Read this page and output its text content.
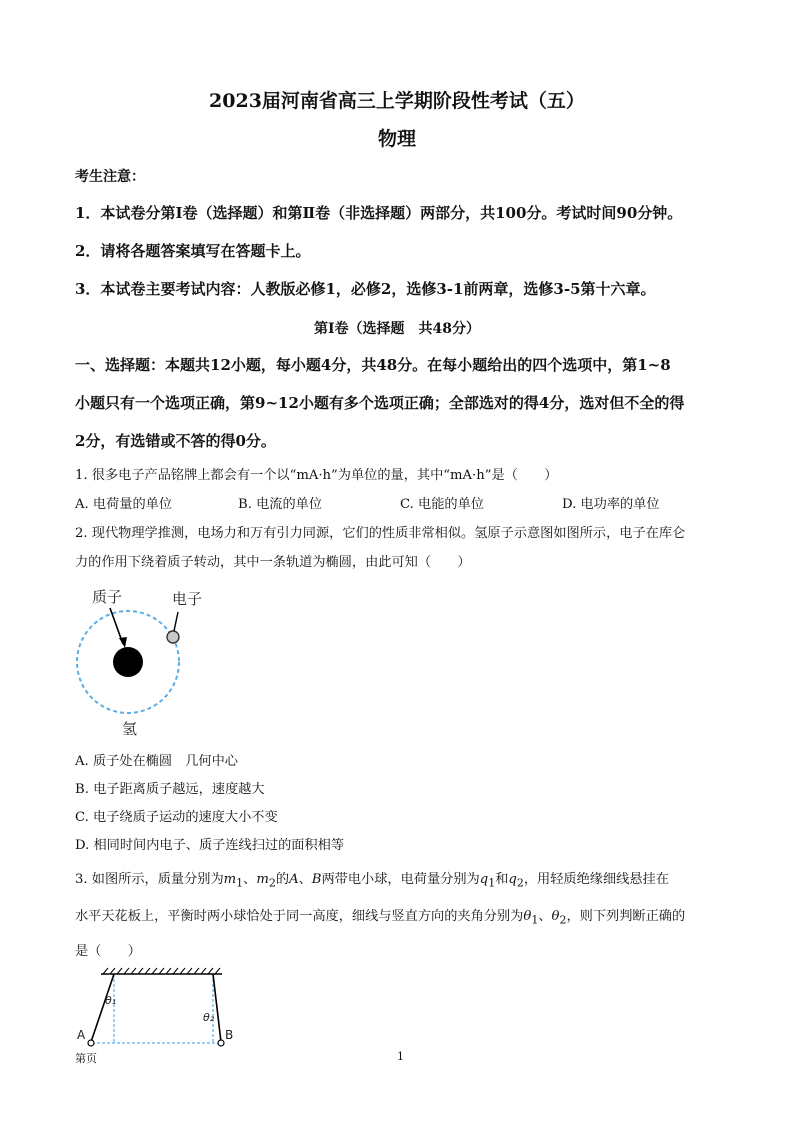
2023届河南省高三上学期阶段性考试（五）
物理
考生注意：
1．本试卷分第Ⅰ卷（选择题）和第Ⅱ卷（非选择题）两部分，共100分。考试时间90分钟。
2．请将各题答案填写在答题卡上。
3．本试卷主要考试内容：人教版必修1，必修2，选修3-1前两章，选修3-5第十六章。
第Ⅰ卷（选择题　共48分）
一、选择题：本题共12小题，每小题4分，共48分。在每小题给出的四个选项中，第1~8
小题只有一个选项正确，第9~12小题有多个选项正确；全部选对的得4分，选对但不全的得
2分，有选错或不答的得0分。
1. 很多电子产品铭牌上都会有一个以“mA·h”为单位的量，其中“mA·h”是（　　）
A. 电荷量的单位	B. 电流的单位	C. 电能的单位	D. 电功率的单位
2. 现代物理学推测，电场力和万有引力同源，它们的性质非常相似。氢原子示意图如图所示，电子在库仑
力的作用下绕着质子转动，其中一条轨道为椭圆，由此可知（　　）
质子	电子
氢
A. 质子处在椭圆　几何中心
B. 电子距离质子越远，速度越大
C. 电子绕质子运动的速度大小不变
D. 相同时间内电子、质子连线扫过的面积相等
3. 如图所示，质量分别为$m_1$、$m_2$的A、B两带电小球，电荷量分别为$q_1$和$q_2$，用轻质绝缘细线悬挂在
水平天花板上，平衡时两小球恰处于同一高度，细线与竖直方向的夹角分别为$\theta_1$、$\theta_2$，则下列判断正确的
是（　　）
θ₁
θ₂
A	B
第页	1
